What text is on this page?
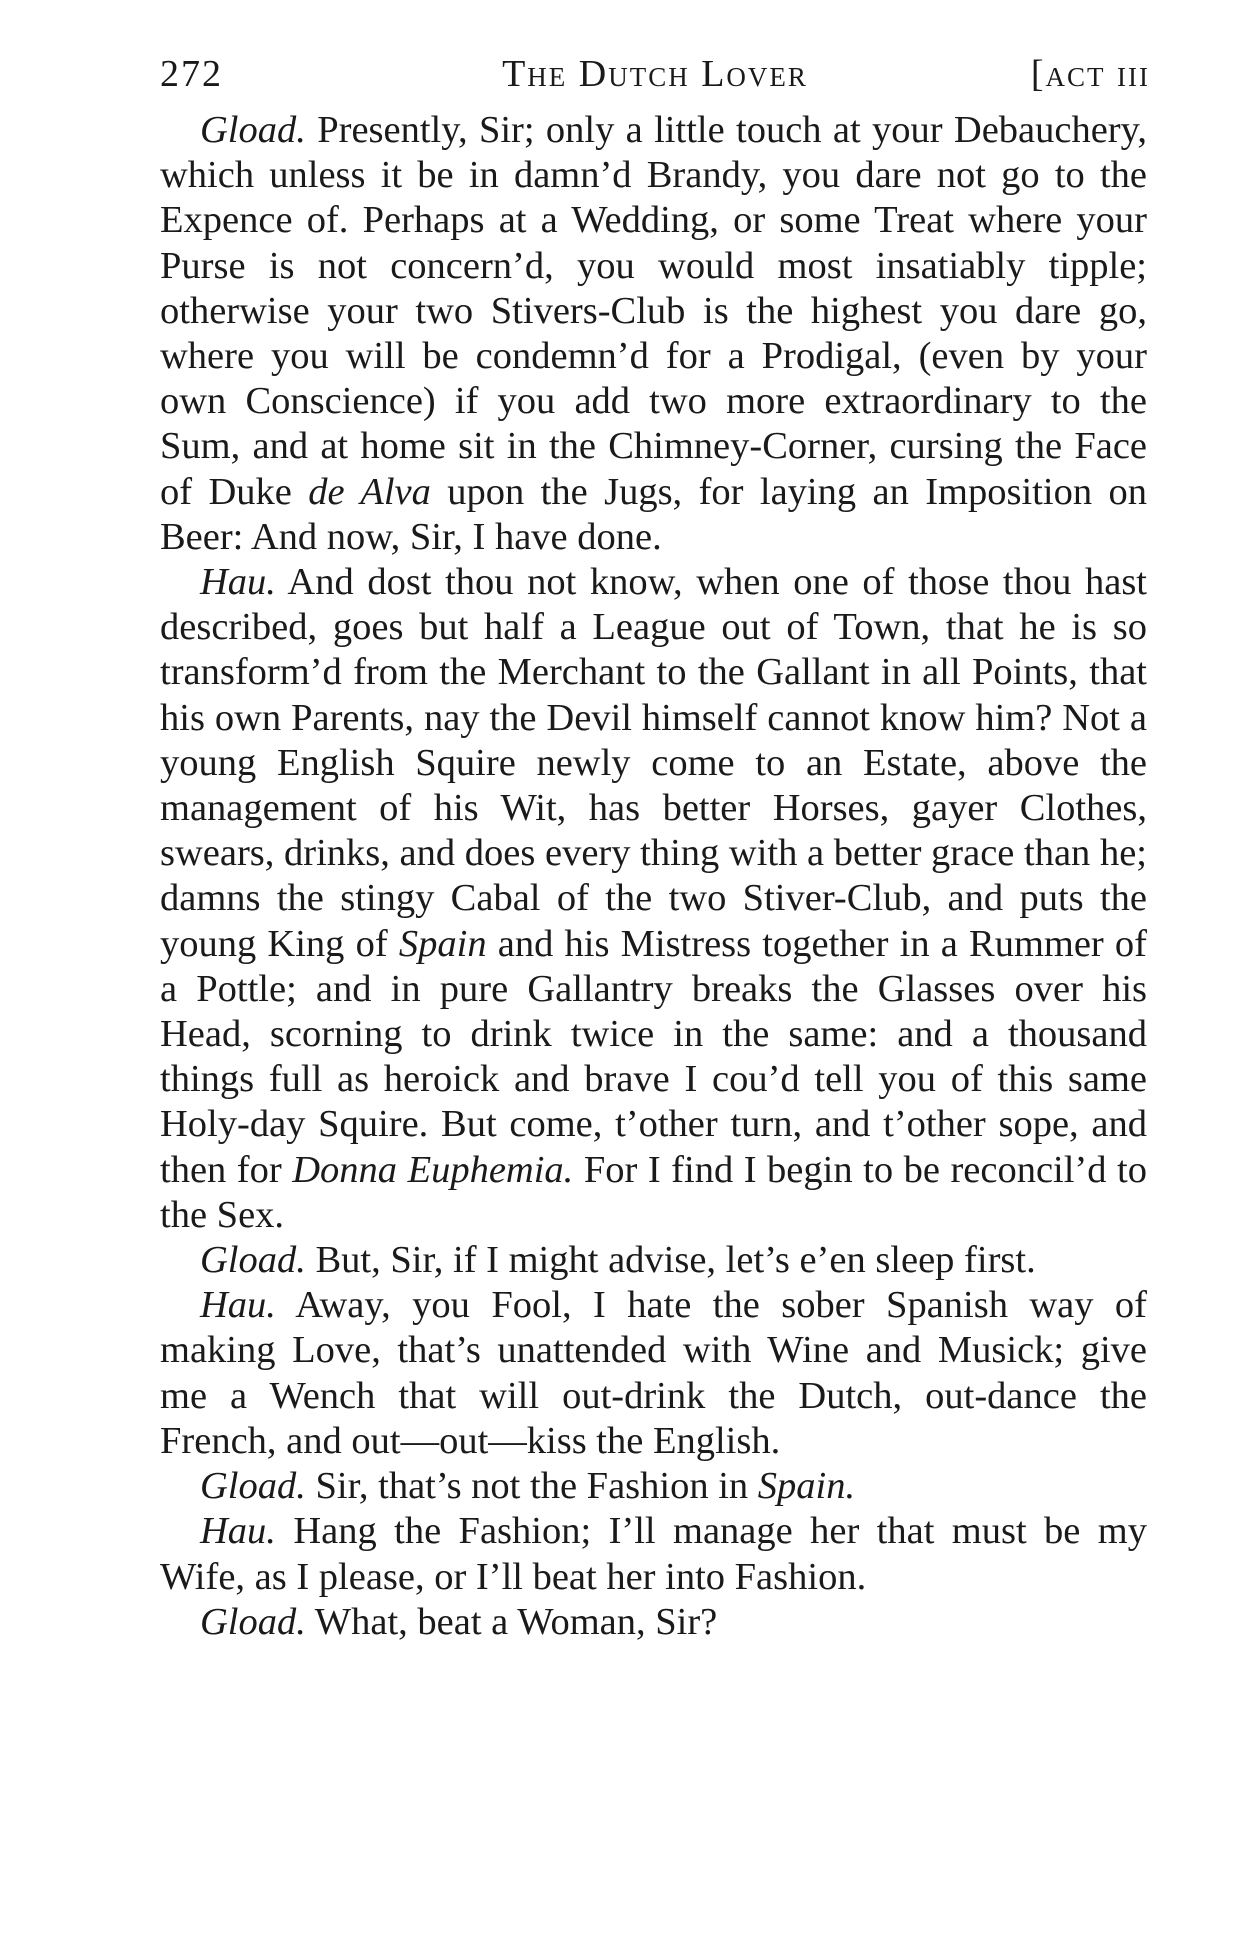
272	The Dutch Lover	[act iii

Gload. Presently, Sir; only a little touch at your Debauchery, which unless it be in damn’d Brandy, you dare not go to the Expence of. Perhaps at a Wedding, or some Treat where your Purse is not concern’d, you would most insatiably tipple; otherwise your two Stivers-Club is the highest you dare go, where you will be condemn’d for a Prodigal, (even by your own Conscience) if you add two more extraordinary to the Sum, and at home sit in the Chimney-Corner, cursing the Face of Duke de Alva upon the Jugs, for laying an Imposition on Beer: And now, Sir, I have done.

Hau. And dost thou not know, when one of those thou hast described, goes but half a League out of Town, that he is so transform’d from the Merchant to the Gallant in all Points, that his own Parents, nay the Devil himself cannot know him? Not a young English Squire newly come to an Estate, above the management of his Wit, has better Horses, gayer Clothes, swears, drinks, and does every thing with a better grace than he; damns the stingy Cabal of the two Stiver-Club, and puts the young King of Spain and his Mistress together in a Rummer of a Pottle; and in pure Gallantry breaks the Glasses over his Head, scorning to drink twice in the same: and a thousand things full as heroick and brave I cou’d tell you of this same Holy-day Squire. But come, t’other turn, and t’other sope, and then for Donna Euphemia. For I find I begin to be reconcil’d to the Sex.

Gload. But, Sir, if I might advise, let’s e’en sleep first.

Hau. Away, you Fool, I hate the sober Spanish way of making Love, that’s unattended with Wine and Musick; give me a Wench that will out-drink the Dutch, out-dance the French, and out—out—kiss the English.

Gload. Sir, that’s not the Fashion in Spain.

Hau. Hang the Fashion; I’ll manage her that must be my Wife, as I please, or I’ll beat her into Fashion.

Gload. What, beat a Woman, Sir?
